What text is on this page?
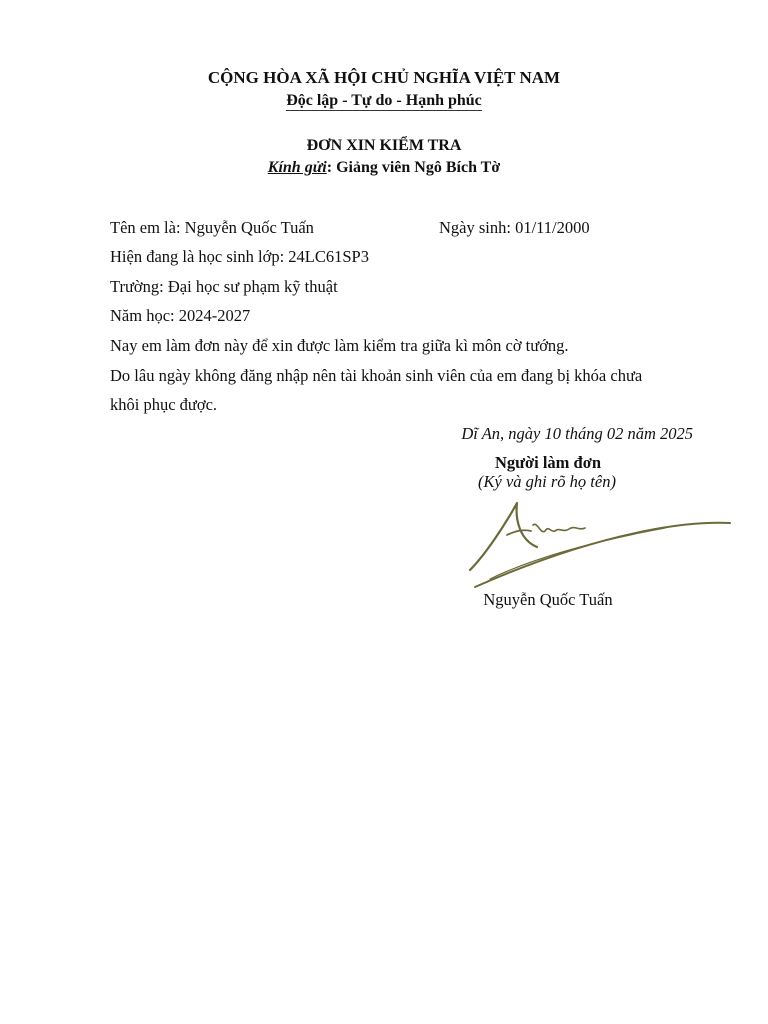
CỘNG HÒA XÃ HỘI CHỦ NGHĨA VIỆT NAM
Độc lập - Tự do - Hạnh phúc
ĐƠN XIN KIỂM TRA
Kính gửi: Giảng viên Ngô Bích Tờ
Tên em là: Nguyễn Quốc Tuấn	Ngày sinh: 01/11/2000
Hiện đang là học sinh lớp: 24LC61SP3
Trường: Đại học sư phạm kỹ thuật
Năm học: 2024-2027
Nay em làm đơn này để xin được làm kiểm tra giữa kì môn cờ tướng.
Do lâu ngày không đăng nhập nên tài khoản sinh viên của em đang bị khóa chưa
khôi phục được.
Dĩ An, ngày 10 tháng 02 năm 2025
Người làm đơn
(Ký và ghi rõ họ tên)
Nguyễn Quốc Tuấn
